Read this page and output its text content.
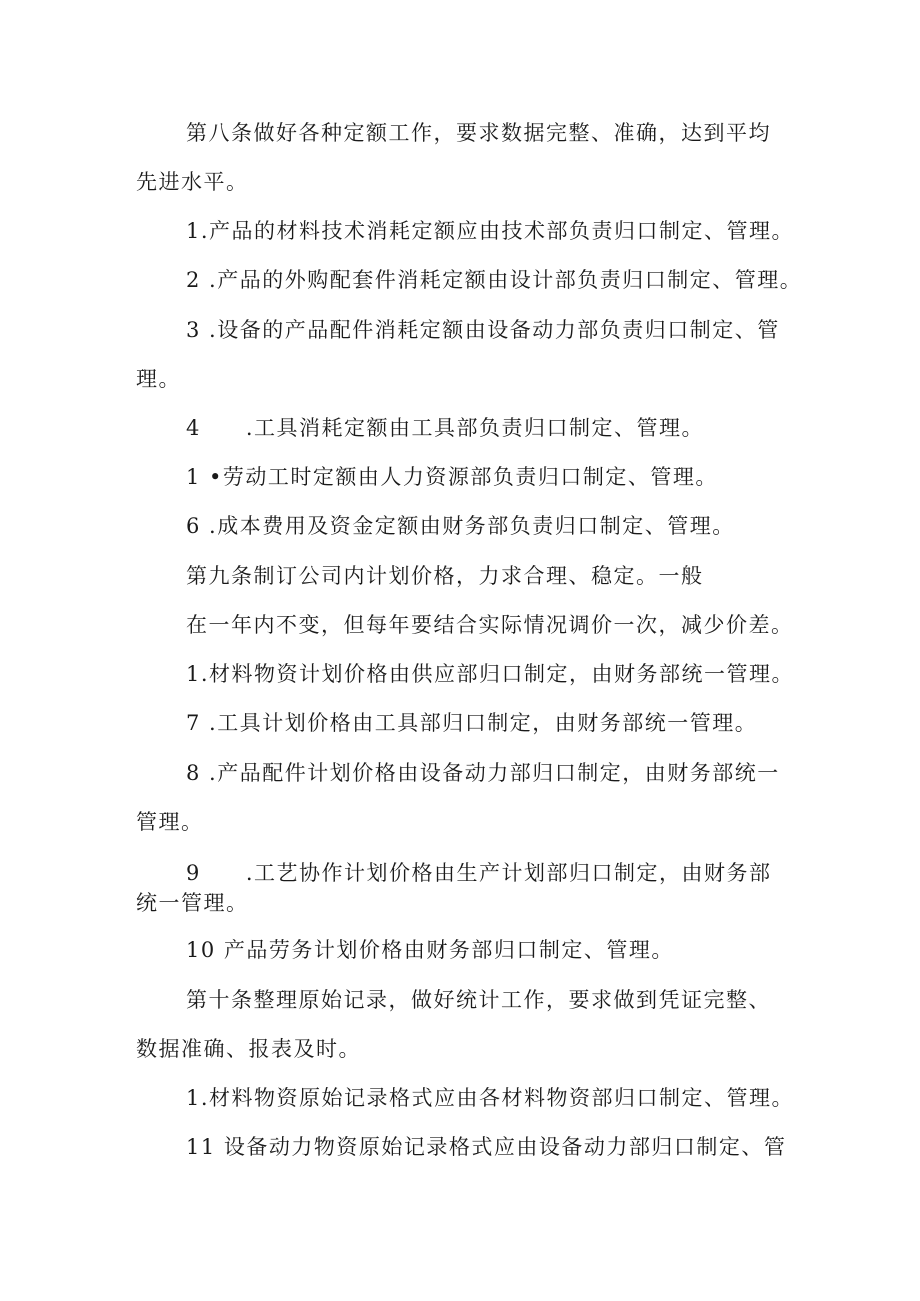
第八条做好各种定额工作，要求数据完整、准确，达到平均
先进水平。
1.产品的材料技术消耗定额应由技术部负责归口制定、管理。
2 .产品的外购配套件消耗定额由设计部负责归口制定、管理。
3 .设备的产品配件消耗定额由设备动力部负责归口制定、管
理。
4　　.工具消耗定额由工具部负责归口制定、管理。
1 •劳动工时定额由人力资源部负责归口制定、管理。
6 .成本费用及资金定额由财务部负责归口制定、管理。
第九条制订公司内计划价格，力求合理、稳定。一般
在一年内不变，但每年要结合实际情况调价一次，减少价差。
1.材料物资计划价格由供应部归口制定，由财务部统一管理。
7 .工具计划价格由工具部归口制定，由财务部统一管理。
8 .产品配件计划价格由设备动力部归口制定，由财务部统一
管理。
9　　.工艺协作计划价格由生产计划部归口制定，由财务部
统一管理。
10 产品劳务计划价格由财务部归口制定、管理。
第十条整理原始记录，做好统计工作，要求做到凭证完整、
数据准确、报表及时。
1.材料物资原始记录格式应由各材料物资部归口制定、管理。
11 设备动力物资原始记录格式应由设备动力部归口制定、管
